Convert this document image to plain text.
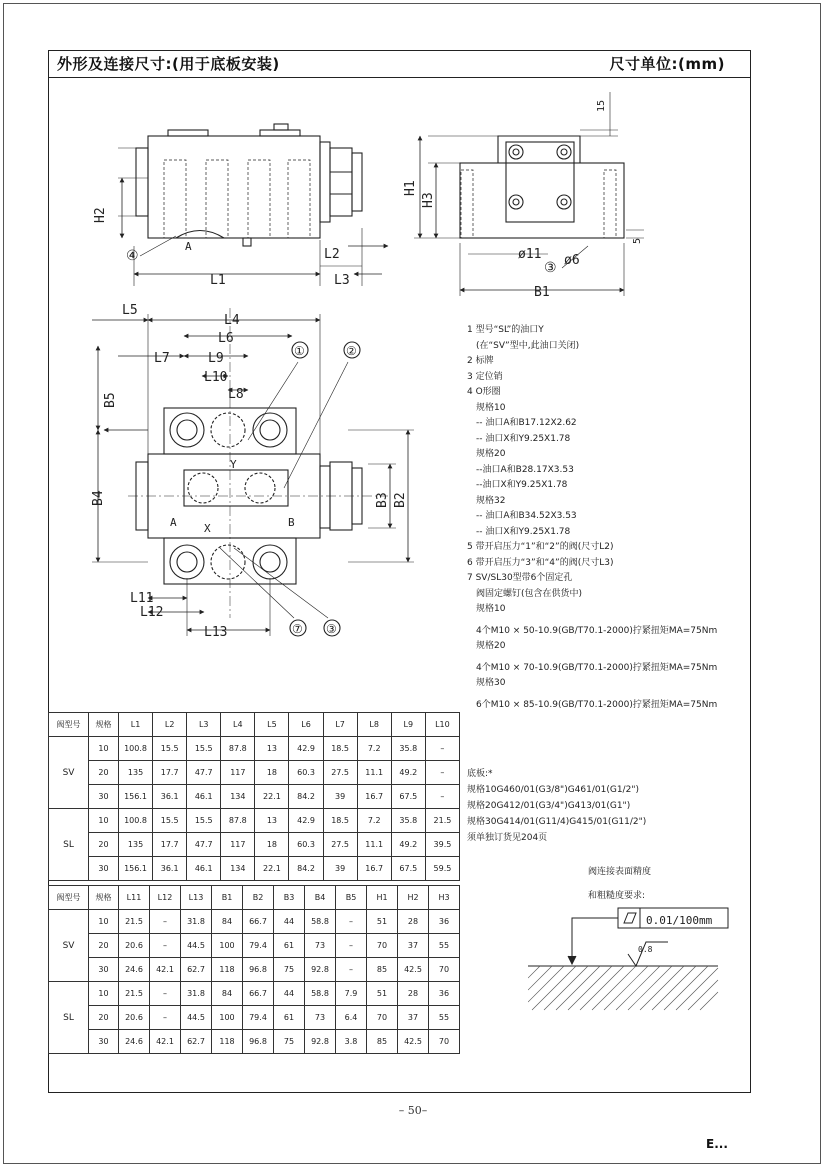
外形及连接尺寸:(用于底板安装)	尺寸单位:(mm)
H2
A
④
L1
L2
L3
15
H1
H3
5
ø11
③ ø6
B1
L5
L4
L6
L7	L9
L10
L8
B5
Y
B4	B3 B2
A X	B
L11
L12
L13
①	②
⑦ ③
1 型号“SL”的油口Y
(在“SV”型中,此油口关闭)
2 标牌
3 定位销
4 O形圈
规格10
-- 油口A和B17.12X2.62
-- 油口X和Y9.25X1.78
规格20
--油口A和B28.17X3.53
--油口X和Y9.25X1.78
规格32
-- 油口A和B34.52X3.53
-- 油口X和Y9.25X1.78
5 带开启压力“1”和“2”的阀(尺寸L2)
6 带开启压力“3”和“4”的阀(尺寸L3)
7 SV/SL30型带6个固定孔
阀固定螺钉(包含在供货中)
规格10
4个M10 × 50-10.9(GB/T70.1-2000)拧紧扭矩MA=75Nm
规格20
4个M10 × 70-10.9(GB/T70.1-2000)拧紧扭矩MA=75Nm
规格30
6个M10 × 85-10.9(GB/T70.1-2000)拧紧扭矩MA=75Nm
底板:*
规格10G460/01(G3/8")G461/01(G1/2")
规格20G412/01(G3/4")G413/01(G1")
规格30G414/01(G11/4)G415/01(G11/2")
须单独订货见204页
阀连接表面精度
和粗糙度要求:
0.01/100mm
0.8
阀型号	规格	L1	L2	L3	L4	L5	L6	L7	L8	L9	L10
SV	10	100.8	15.5	15.5	87.8	13	42.9	18.5	7.2	35.8	–
	20	135	17.7	47.7	117	18	60.3	27.5	11.1	49.2	–
	30	156.1	36.1	46.1	134	22.1	84.2	39	16.7	67.5	–
SL	10	100.8	15.5	15.5	87.8	13	42.9	18.5	7.2	35.8	21.5
	20	135	17.7	47.7	117	18	60.3	27.5	11.1	49.2	39.5
	30	156.1	36.1	46.1	134	22.1	84.2	39	16.7	67.5	59.5
阀型号	规格	L11	L12	L13	B1	B2	B3	B4	B5	H1	H2	H3
SV	10	21.5	–	31.8	84	66.7	44	58.8	–	51	28	36
	20	20.6	–	44.5	100	79.4	61	73	–	70	37	55
	30	24.6	42.1	62.7	118	96.8	75	92.8	–	85	42.5	70
SL	10	21.5	–	31.8	84	66.7	44	58.8	7.9	51	28	36
	20	20.6	–	44.5	100	79.4	61	73	6.4	70	37	55
	30	24.6	42.1	62.7	118	96.8	75	92.8	3.8	85	42.5	70
– 50–
E...
